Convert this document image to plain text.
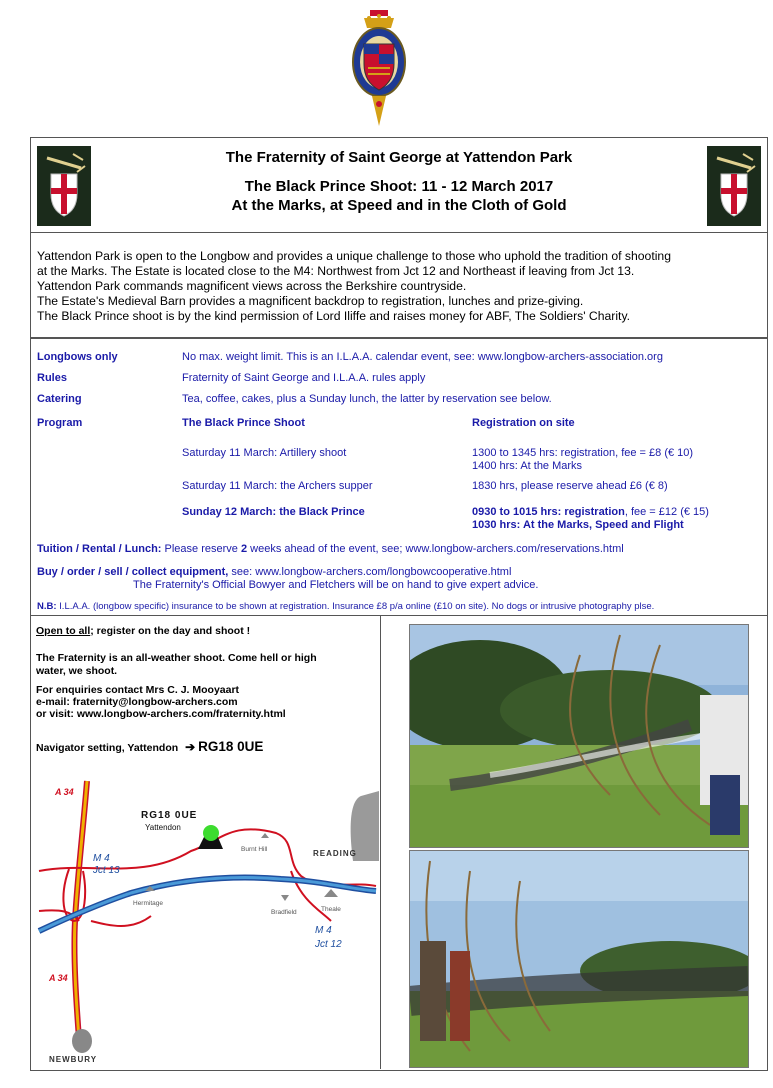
The Fraternity of Saint George at Yattendon Park
The Black Prince Shoot: 11 - 12 March 2017
At the Marks, at Speed and in the Cloth of Gold
Yattendon Park is open to the Longbow and provides a unique challenge to those who uphold the tradition of shooting
at the Marks. The Estate is located close to the M4: Northwest from Jct 12 and Northeast if leaving from Jct 13.
Yattendon Park commands magnificent views across the Berkshire countryside.
The Estate's Medieval Barn provides a magnificent backdrop to registration, lunches and prize-giving.
The Black Prince shoot is by the kind permission of Lord Iliffe and raises money for ABF, The Soldiers' Charity.
Longbows only	No max. weight limit. This is an I.L.A.A. calendar event, see: www.longbow-archers-association.org
Rules	Fraternity of Saint George and I.L.A.A. rules apply
Catering	Tea, coffee, cakes, plus a Sunday lunch, the latter by reservation see below.
Program	The Black Prince Shoot	Registration on site
Saturday 11 March: Artillery shoot	1300 to 1345 hrs: registration, fee = £8 (€ 10)
1400 hrs: At the Marks
Saturday 11 March: the Archers supper	1830 hrs, please reserve ahead £6 (€ 8)
Sunday 12 March: the Black Prince	0930 to 1015 hrs: registration, fee = £12 (€ 15)
1030 hrs: At the Marks, Speed and Flight
Tuition / Rental / Lunch: Please reserve 2 weeks ahead of the event, see; www.longbow-archers.com/reservations.html
Buy / order / sell / collect equipment, see: www.longbow-archers.com/longbowcooperative.html
The Fraternity's Official Bowyer and Fletchers will be on hand to give expert advice.
N.B: I.L.A.A. (longbow specific) insurance to be shown at registration. Insurance £8 p/a online (£10 on site). No dogs or intrusive photography plse.
Open to all; register on the day and shoot !
The Fraternity is an all-weather shoot. Come hell or high
water, we shoot.
For enquiries contact Mrs C. J. Mooyaart
e-mail: fraternity@longbow-archers.com
or visit: www.longbow-archers.com/fraternity.html
Navigator setting, Yattendon ➔ RG18 0UE
A 34
M 4
Jct 13
RG18 0UE
Yattendon
Burnt Hill	READING
Bradfield
Hermitage
Theale
M 4
Jct 12
A 34
NEWBURY
